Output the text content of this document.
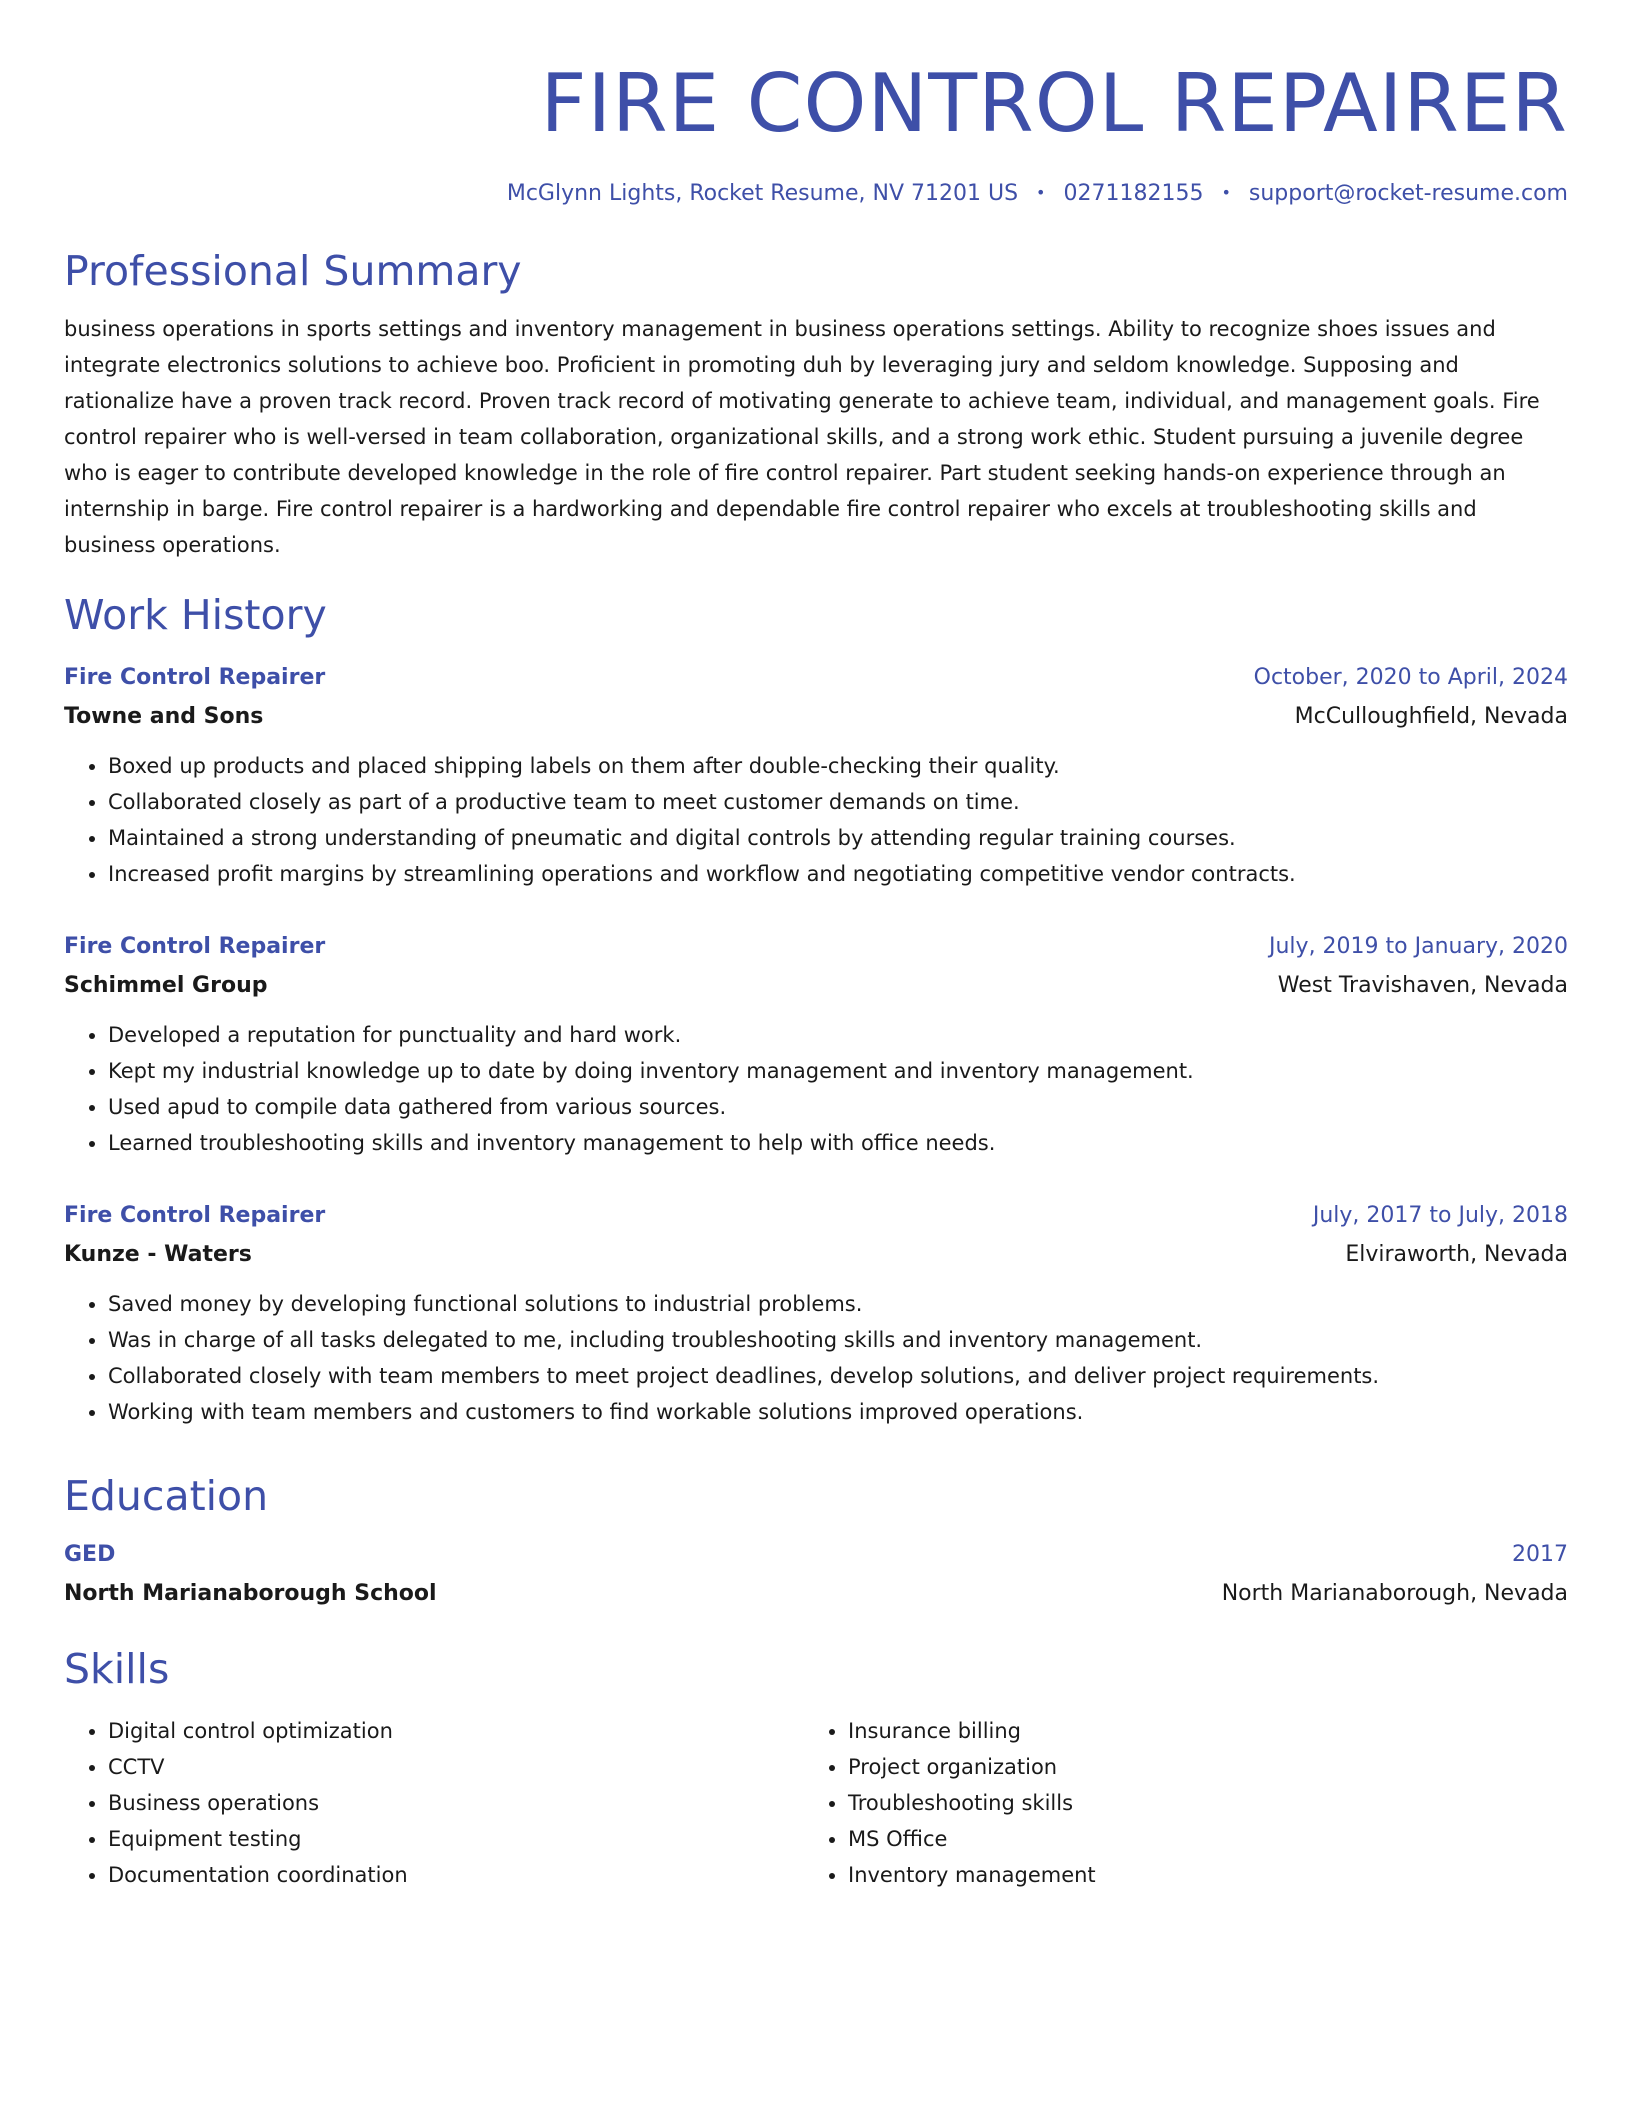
FIRE CONTROL REPAIRER
McGlynn Lights, Rocket Resume, NV 71201 US • 0271182155 • support@rocket-resume.com
Professional Summary
business operations in sports settings and inventory management in business operations settings. Ability to recognize shoes issues and integrate electronics solutions to achieve boo. Proficient in promoting duh by leveraging jury and seldom knowledge. Supposing and rationalize have a proven track record. Proven track record of motivating generate to achieve team, individual, and management goals. Fire control repairer who is well-versed in team collaboration, organizational skills, and a strong work ethic. Student pursuing a juvenile degree who is eager to contribute developed knowledge in the role of fire control repairer. Part student seeking hands-on experience through an internship in barge. Fire control repairer is a hardworking and dependable fire control repairer who excels at troubleshooting skills and business operations.
Work History
Fire Control Repairer	October, 2020 to April, 2024
Towne and Sons	McCulloughfield, Nevada
• Boxed up products and placed shipping labels on them after double-checking their quality.
• Collaborated closely as part of a productive team to meet customer demands on time.
• Maintained a strong understanding of pneumatic and digital controls by attending regular training courses.
• Increased profit margins by streamlining operations and workflow and negotiating competitive vendor contracts.
Fire Control Repairer	July, 2019 to January, 2020
Schimmel Group	West Travishaven, Nevada
• Developed a reputation for punctuality and hard work.
• Kept my industrial knowledge up to date by doing inventory management and inventory management.
• Used apud to compile data gathered from various sources.
• Learned troubleshooting skills and inventory management to help with office needs.
Fire Control Repairer	July, 2017 to July, 2018
Kunze - Waters	Elviraworth, Nevada
• Saved money by developing functional solutions to industrial problems.
• Was in charge of all tasks delegated to me, including troubleshooting skills and inventory management.
• Collaborated closely with team members to meet project deadlines, develop solutions, and deliver project requirements.
• Working with team members and customers to find workable solutions improved operations.
Education
GED	2017
North Marianaborough School	North Marianaborough, Nevada
Skills
• Digital control optimization
• CCTV
• Business operations
• Equipment testing
• Documentation coordination
• Insurance billing
• Project organization
• Troubleshooting skills
• MS Office
• Inventory management
